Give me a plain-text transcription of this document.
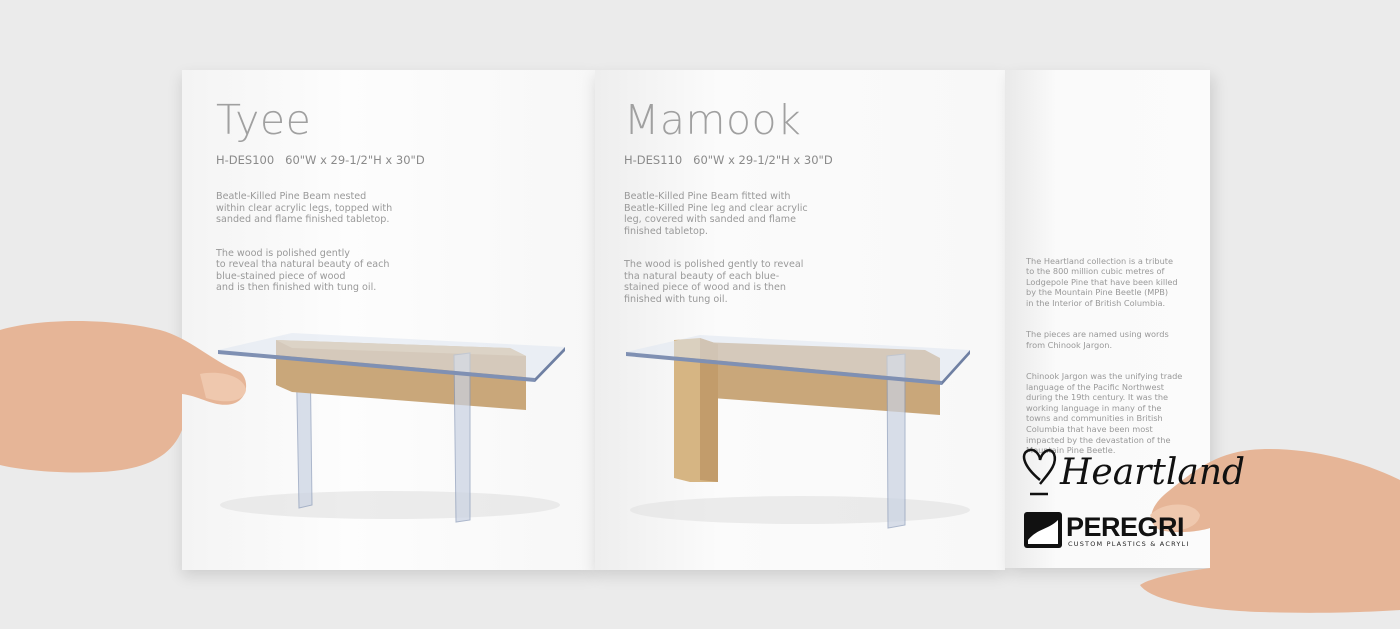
Tyee
H-DES100   60"W x 29-1/2"H x 30"D

Beatle-Killed Pine Beam nested
within clear acrylic legs, topped with
sanded and flame finished tabletop.

The wood is polished gently
to reveal tha natural beauty of each
blue-stained piece of wood
and is then finished with tung oil.

Mamook
H-DES110   60"W x 29-1/2"H x 30"D

Beatle-Killed Pine Beam fitted with
Beatle-Killed Pine leg and clear acrylic
leg, covered with sanded and flame
finished tabletop.

The wood is polished gently to reveal
tha natural beauty of each blue-
stained piece of wood and is then
finished with tung oil.

The Heartland collection is a tribute
to the 800 million cubic metres of
Lodgepole Pine that have been killed
by the Mountain Pine Beetle (MPB)
in the Interior of British Columbia.

The pieces are named using words
from Chinook Jargon.

Chinook Jargon was the unifying trade
language of the Pacific Northwest
during the 19th century. It was the
working language in many of the
towns and communities in British
Columbia that have been most
impacted by the devastation of the
Mountain Pine Beetle.

Heartland
PEREGRI
CUSTOM PLASTICS & ACRYLI
